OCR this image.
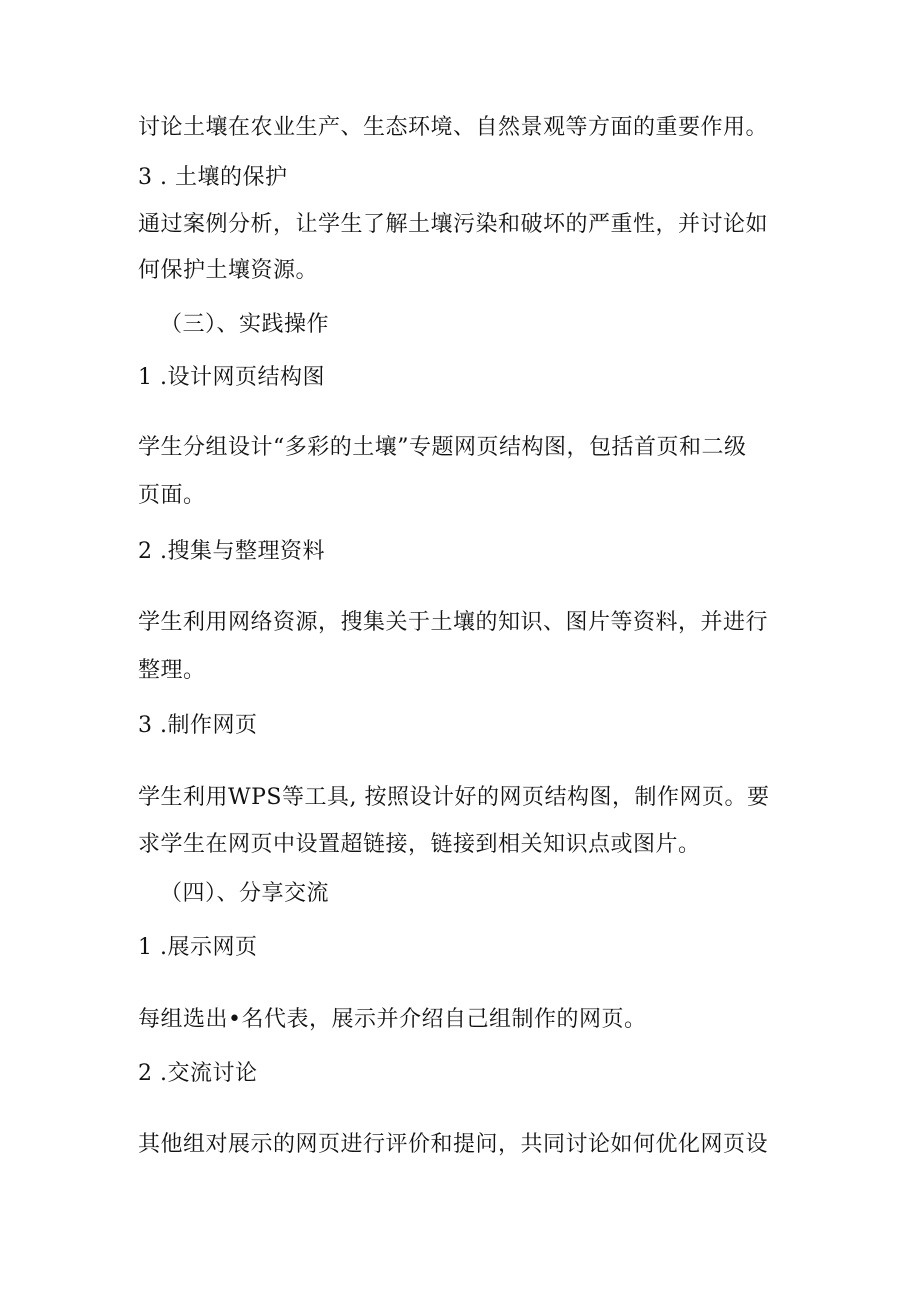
讨论土壤在农业生产、生态环境、自然景观等方面的重要作用。
3 . 土壤的保护
通过案例分析，让学生了解土壤污染和破坏的严重性，并讨论如
何保护土壤资源。
（三）、实践操作
1 .设计网页结构图
学生分组设计“多彩的土壤”专题网页结构图，包括首页和二级
页面。
2 .搜集与整理资料
学生利用网络资源，搜集关于土壤的知识、图片等资料，并进行
整理。
3 .制作网页
学生利用WPS等工具, 按照设计好的网页结构图，制作网页。要
求学生在网页中设置超链接，链接到相关知识点或图片。
（四）、分享交流
1 .展示网页
每组选出•名代表，展示并介绍自己组制作的网页。
2 .交流讨论
其他组对展示的网页进行评价和提问，共同讨论如何优化网页设
